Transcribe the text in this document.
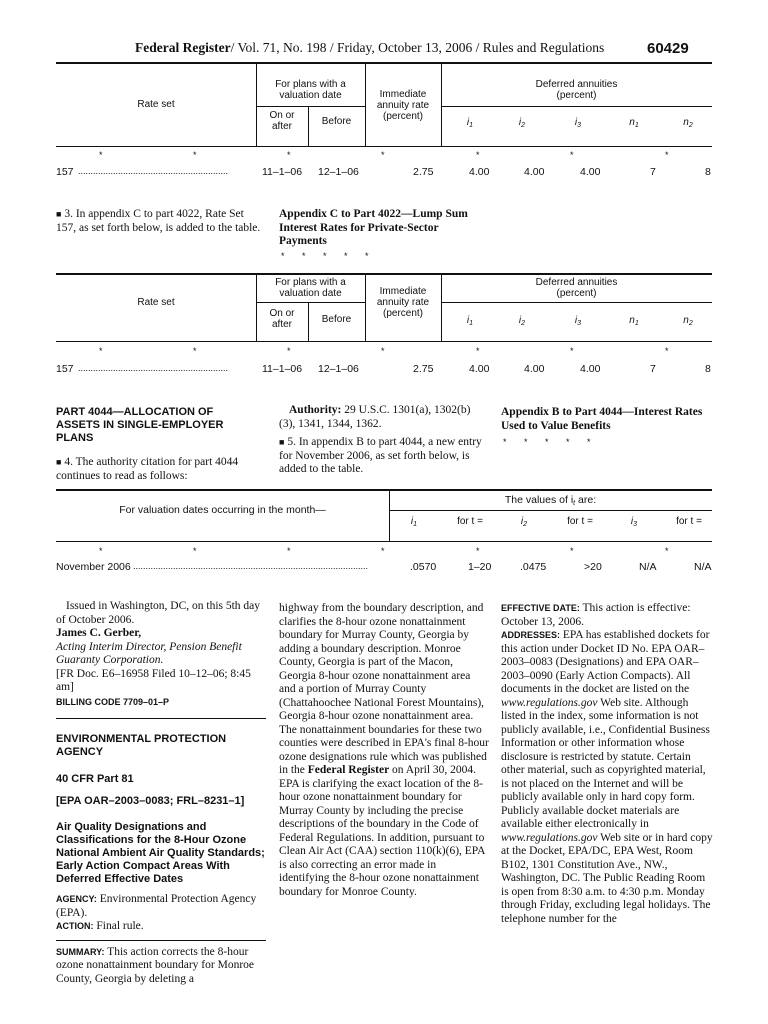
Federal Register/ Vol. 71, No. 198 / Friday, October 13, 2006 / Rules and Regulations	60429
Rate set
For plans with a
valuation date
On or
after	Before
Immediate
annuity rate
(percent)
Deferred annuities
(percent)
$i_1$	$i_2$	$i_3$	$n_1$	$n_2$
*	*	*	*	*	*	*
157 ............................................................	11–1–06 12–1–06	2.75	4.00	4.00	4.00	7	8
■ 3. In appendix C to part 4022, Rate Set 157, as set forth below, is added to the table.
Appendix C to Part 4022—Lump Sum Interest Rates for Private-Sector Payments
*       *       *       *       *
Rate set
For plans with a
valuation date
On or
after	Before
Immediate
annuity rate
(percent)
Deferred annuities
(percent)
$i_1$	$i_2$	$i_3$	$n_1$	$n_2$
*	*	*	*	*	*	*
157 ............................................................	11–1–06 12–1–06	2.75	4.00	4.00	4.00	7	8
PART 4044—ALLOCATION OF ASSETS IN SINGLE-EMPLOYER PLANS
■ 4. The authority citation for part 4044 continues to read as follows:
Authority: 29 U.S.C. 1301(a), 1302(b)(3), 1341, 1344, 1362.
■ 5. In appendix B to part 4044, a new entry for November 2006, as set forth below, is added to the table.
Appendix B to Part 4044—Interest Rates Used to Value Benefits
*       *       *       *       *
For valuation dates occurring in the month—
The values of $i_t$ are:
$i_1$	for t =	$i_2$	for t =	$i_3$	for t =
*	*	*	*	*	*	*
November 2006 ..............................................................................................	.0570	1–20	.0475	>20	N/A	N/A

Issued in Washington, DC, on this 5th day of October 2006.

James C. Gerber,

Acting Interim Director, Pension Benefit Guaranty Corporation.

[FR Doc. E6–16958 Filed 10–12–06; 8:45 am]

BILLING CODE 7709–01–P

ENVIRONMENTAL PROTECTION AGENCY

40 CFR Part 81

[EPA OAR–2003–0083; FRL–8231–1]

Air Quality Designations and Classifications for the 8-Hour Ozone National Ambient Air Quality Standards; Early Action Compact Areas With Deferred Effective Dates

AGENCY: Environmental Protection Agency (EPA).

ACTION: Final rule.

SUMMARY: This action corrects the 8-hour ozone nonattainment boundary for Monroe County, Georgia by deleting a

highway from the boundary description, and clarifies the 8-hour ozone nonattainment boundary for Murray County, Georgia by adding a boundary description. Monroe County, Georgia is part of the Macon, Georgia 8-hour ozone nonattainment area and a portion of Murray County (Chattahoochee National Forest Mountains), Georgia 8-hour ozone nonattainment area. The nonattainment boundaries for these two counties were described in EPA's final 8-hour ozone designations rule which was published in the Federal Register on April 30, 2004. EPA is clarifying the exact location of the 8-hour ozone nonattainment boundary for Murray County by including the precise descriptions of the boundary in the Code of Federal Regulations. In addition, pursuant to Clean Air Act (CAA) section 110(k)(6), EPA is also correcting an error made in identifying the 8-hour ozone nonattainment boundary for Monroe County.

EFFECTIVE DATE: This action is effective: October 13, 2006.

ADDRESSES: EPA has established dockets for this action under Docket ID No. EPA OAR–2003–0083 (Designations) and EPA OAR–2003–0090 (Early Action Compacts). All documents in the docket are listed on the www.regulations.gov Web site. Although listed in the index, some information is not publicly available, i.e., Confidential Business Information or other information whose disclosure is restricted by statute. Certain other material, such as copyrighted material, is not placed on the Internet and will be publicly available only in hard copy form. Publicly available docket materials are available either electronically in www.regulations.gov Web site or in hard copy at the Docket, EPA/DC, EPA West, Room B102, 1301 Constitution Ave., NW., Washington, DC. The Public Reading Room is open from 8:30 a.m. to 4:30 p.m. Monday through Friday, excluding legal holidays. The telephone number for the
